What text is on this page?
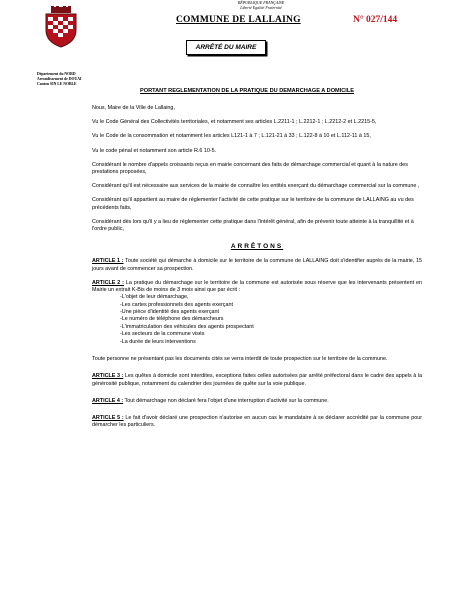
RÉPUBLIQUE FRANÇAISE
Liberté Egalité Fraternité
COMMUNE DE LALLAING	N° 027/144
ARRÊTÉ DU MAIRE
Département du NORD
Arrondissement de DOUAI
Canton SIN LE NOBLE
PORTANT REGLEMENTATION DE LA PRATIQUE DU DEMARCHAGE A DOMICILE

Nous, Maire de la Ville de Lallaing,

Vu le Code Général des Collectivités territoriales, et notamment ses articles L.2211-1 ; L.2212-1 ; L.2212-2 et L.2215-5,

Vu le Code de la consommation et notamment les articles L121-1 à 7 ; L.121-21 à 33 ; L.122-8 à 10 et L.112-11 à 15,

Vu le code pénal et notamment son article R.6 10-5.

Considérant le nombre d'appels croissants reçus en mairie concernant des faits de démarchage commercial et quant à la nature des prestations proposées,

Considérant qu'il est nécessaire aux services de la mairie de connaître les entités exerçant du démarchage commercial sur la commune ,

Considérant qu'il appartient au maire de réglementer l'activité de cette pratique sur le territoire de la commune de LALLAING au vu des précédents faits,

Considérant dès lors qu'il y a lieu de réglementer cette pratique dans l'intérêt général, afin de prévenir toute atteinte à la tranquillité et à l'ordre public,

ARRÊTONS

ARTICLE 1 : Toute société qui démarche à domicile sur le territoire de la commune de LALLAING doit s'identifier auprès de la mairie, 15 jours avant de commencer sa prospection.

ARTICLE 2 : La pratique du démarchage sur le territoire de la commune est autorisée sous réserve que les intervenants présentent en Mairie un extrait K-Bis de moins de 3 mois ainsi que par écrit :

-L'objet de leur démarchage,
-Les cartes professionnels des agents exerçant
-Une pièce d'identité des agents exerçant
-Le numéro de téléphone des démarcheurs
-L'immatriculation des véhicules des agents prospectant
-Les secteurs de la commune visés
-La durée de leurs interventions

Toute personne ne présentant pas les documents cités se verra interdit de toute prospection sur le territoire de la commune.

ARTICLE 3 : Les quêtes à domicile sont interdites, exceptions faites celles autorisées par arrêté préfectoral dans le cadre des appels à la générosité publique, notamment du calendrier des journées de quête sur la voie publique.

ARTICLE 4 : Tout démarchage non déclaré fera l'objet d'une interruption d'activité sur la commune.

ARTICLE 5 : Le fait d'avoir déclaré une prospection n'autorise en aucun cas le mandataire à se déclarer accrédité par la commune pour démarcher les particuliers.
